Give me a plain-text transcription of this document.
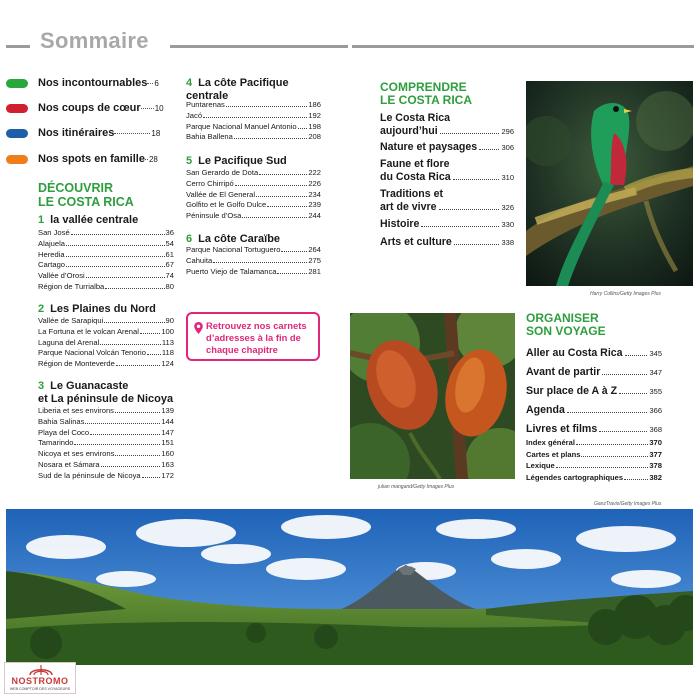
Sommaire
Nos incontournables 6
Nos coups de cœur 10
Nos itinéraires	18
Nos spots en famille 28
DÉCOUVRIR
LE COSTA RICA
1 la vallée centrale
San José	36
Alajuela	54
Heredia	61
Cartago	67
Vallée d’Orosi	74
Région de Turrialba	80
2 Les Plaines du Nord
Vallée de Sarapiqui	90
La Fortuna et le volcan Arenal	100
Laguna del Arenal	113
Parque Nacional Volcán Tenorio 118
Région de Monteverde	124
3 Le Guanacaste
et La péninsule de Nicoya
Liberia et ses environs	139
Bahia Salinas	144
Playa del Coco	147
Tamarindo	151
Nicoya et ses environs	160
Nosara et Sámara	163
Sud de la péninsule de Nicoya	172
4 La côte Pacifique
centrale
Puntarenas	186
Jacó	192
Parque Nacional Manuel Antonio 198
Bahia Ballena	208
5 Le Pacifique Sud
San Gerardo de Dota	222
Cerro Chirripó	226
Vallée de El General	234
Golfito et le Golfo Dulce	239
Péninsule d’Osa	244
6 La côte Caraïbe
Parque Nacional Tortuguero	264
Cahuita	275
Puerto Viejo de Talamanca	281
Retrouvez nos carnets d’adresses à la fin de chaque chapitre
COMPRENDRE
LE COSTA RICA
Le Costa Rica
aujourd’hui	296
Nature et paysages	306
Faune et flore
du Costa Rica	310
Traditions et
art de vivre	326
Histoire	330
Arts et culture	338
Harry Collins/Getty Images Plus
julian mangand/Getty Images Plus
ORGANISER
SON VOYAGE
Aller au Costa Rica	345
Avant de partir	347
Sur place de A à Z	355
Agenda	366
Livres et films	368
Index général	370
Cartes et plans	377
Lexique	378
Légendes cartographiques	382
GanzTravis/Getty Images Plus
NOSTROMO
WEB COMPTOIR DES VOYAGEURS
